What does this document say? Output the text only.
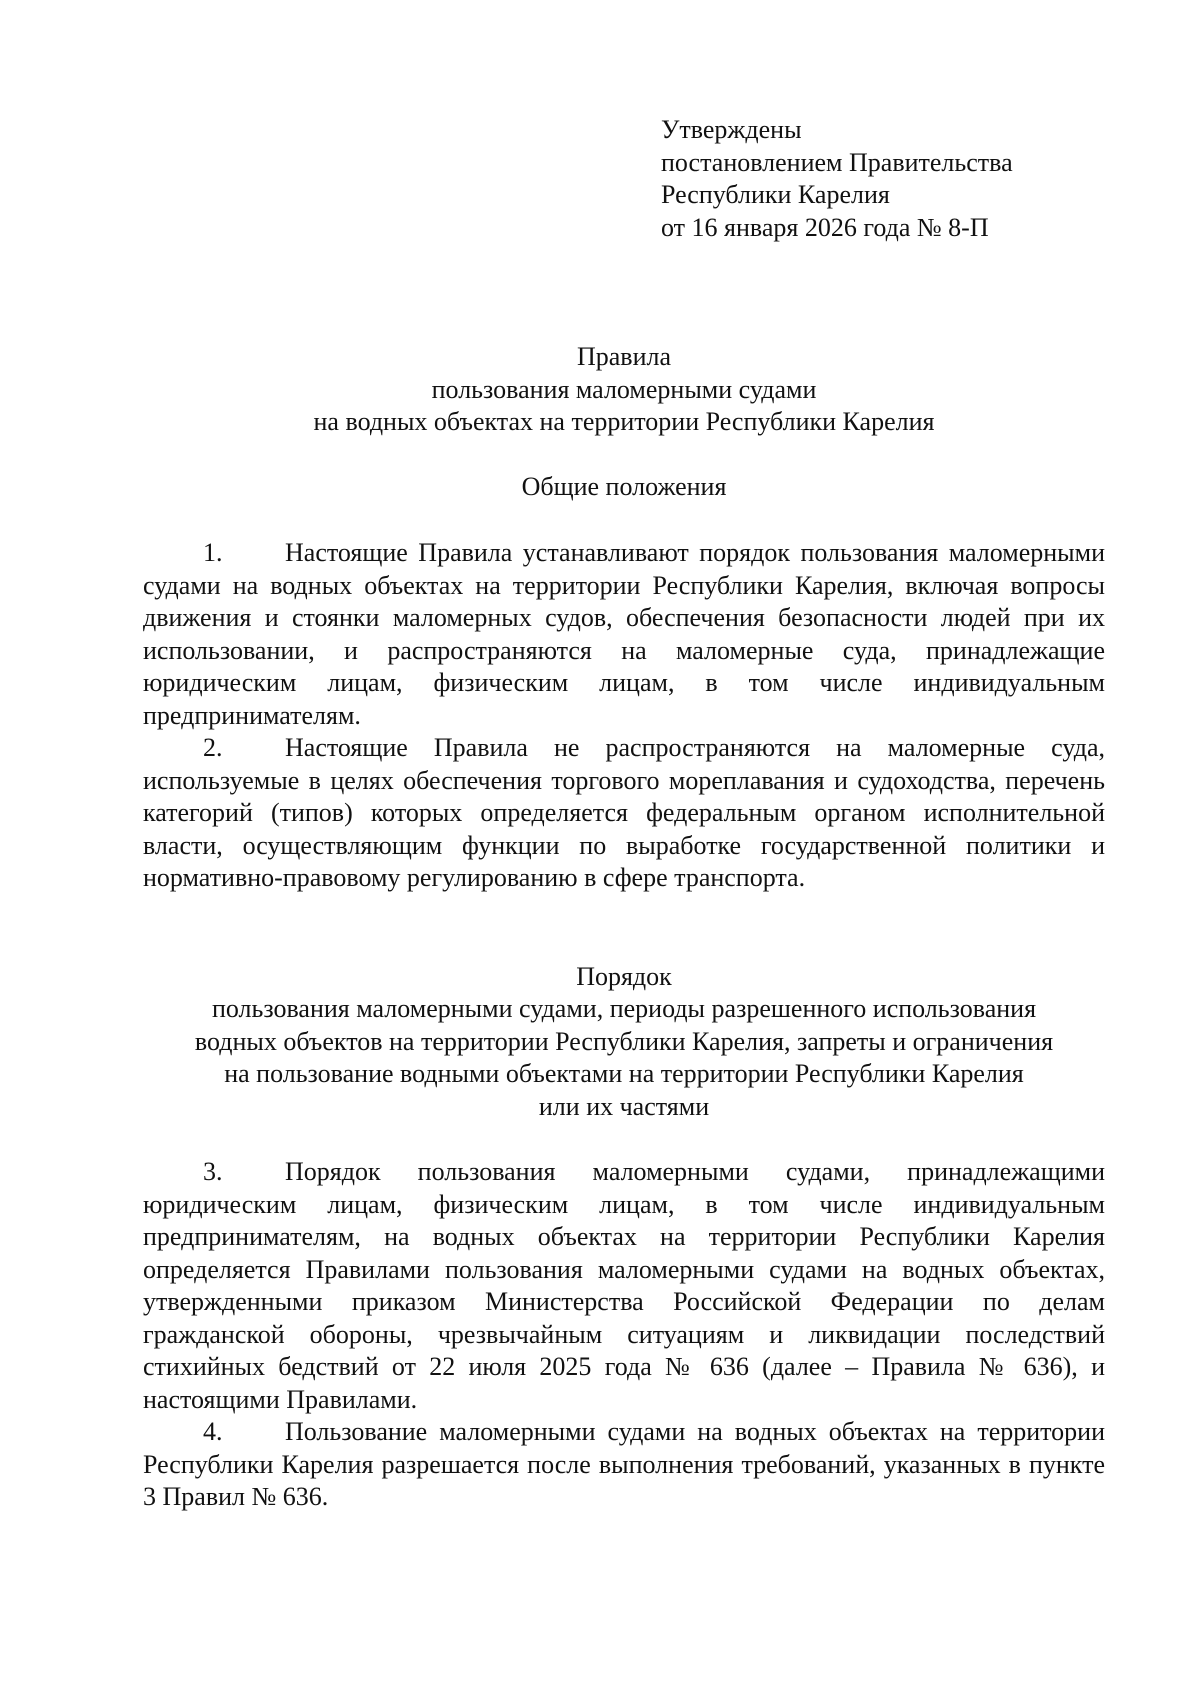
Утверждены
постановлением Правительства
Республики Карелия
от 16 января 2026 года № 8-П
Правила
пользования маломерными судами
на водных объектах на территории Республики Карелия
Общие положения
1. Настоящие Правила устанавливают порядок пользования маломерными судами на водных объектах на территории Республики Карелия, включая вопросы движения и стоянки маломерных судов, обеспечения безопасности людей при их использовании, и распространяются на маломерные суда, принадлежащие юридическим лицам, физическим лицам, в том числе индивидуальным предпринимателям.
2. Настоящие Правила не распространяются на маломерные суда, используемые в целях обеспечения торгового мореплавания и судоходства, перечень категорий (типов) которых определяется федеральным органом исполнительной власти, осуществляющим функции по выработке государственной политики и нормативно-правовому регулированию в сфере транспорта.
Порядок
пользования маломерными судами, периоды разрешенного использования
водных объектов на территории Республики Карелия, запреты и ограничения
на пользование водными объектами на территории Республики Карелия
или их частями
3. Порядок пользования маломерными судами, принадлежащими юридическим лицам, физическим лицам, в том числе индивидуальным предпринимателям, на водных объектах на территории Республики Карелия определяется Правилами пользования маломерными судами на водных объектах, утвержденными приказом Министерства Российской Федерации по делам гражданской обороны, чрезвычайным ситуациям и ликвидации последствий стихийных бедствий от 22 июля 2025 года № 636 (далее – Правила № 636), и настоящими Правилами.
4. Пользование маломерными судами на водных объектах на территории Республики Карелия разрешается после выполнения требований, указанных в пункте 3 Правил № 636.
